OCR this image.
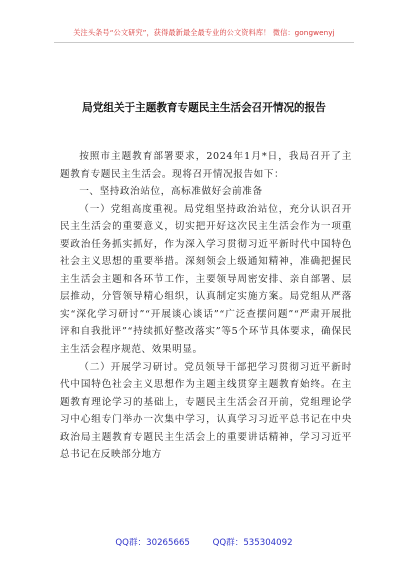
关注头条号“公文研究”，获得最新最全最专业的公文资料库！ 微信：gongwenyj
局党组关于主题教育专题民主生活会召开情况的报告

按照市主题教育部署要求，2024年1月*日，我局召开了主题教育专题民主生活会。现将召开情况报告如下：

一、坚持政治站位，高标准做好会前准备

（一）党组高度重视。局党组坚持政治站位，充分认识召开民主生活会的重要意义，切实把开好这次民主生活会作为一项重要政治任务抓实抓好，作为深入学习贯彻习近平新时代中国特色社会主义思想的重要举措。深刻领会上级通知精神，准确把握民主生活会主题和各环节工作，主要领导周密安排、亲自部署、层层推动，分管领导精心组织，认真制定实施方案。局党组从严落实“深化学习研讨”“开展谈心谈话”“广泛查摆问题”“严肃开展批评和自我批评”“持续抓好整改落实”等5个环节具体要求，确保民主生活会程序规范、效果明显。

（二）开展学习研讨。党员领导干部把学习贯彻习近平新时代中国特色社会主义思想作为主题主线贯穿主题教育始终。在主题教育理论学习的基础上，专题民主生活会召开前，党组理论学习中心组专门举办一次集中学习，认真学习习近平总书记在中央政治局主题教育专题民主生活会上的重要讲话精神，学习习近平总书记在反映部分地方

QQ群：30265665	QQ群：535304092
